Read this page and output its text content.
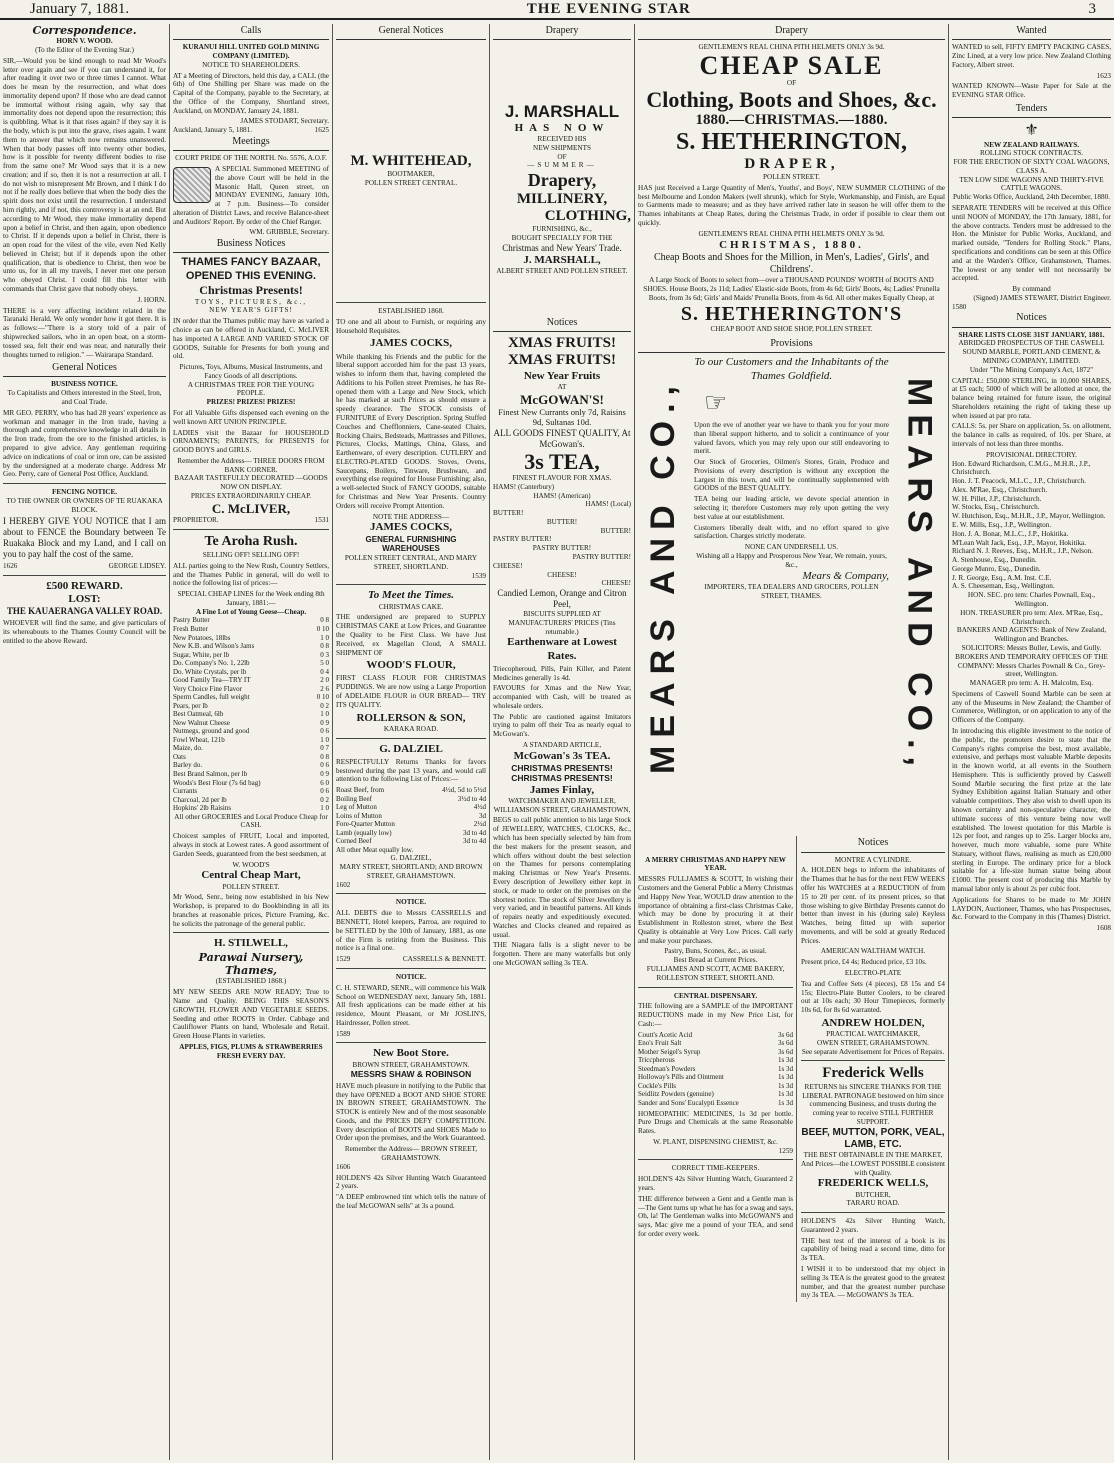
January 7, 1881.	THE EVENING STAR	3
Correspondence.
HORN V. WOOD.
(To the Editor of the Evening Star.)
SIR,—Would you be kind enough to read Mr Wood's letter over again and see if you can understand it, for after reading it over two or three times I cannot. What does he mean by the resurrection, and what does immortality depend upon? If those who are dead cannot be immortal without rising again, why say that immortality does not depend upon the resurrection; this is quibbling. What is it that rises again? if they say it is the body, which is put into the grave, rises again. I want them to answer that which now remains unanswered. When that body passes off into twenty other bodies, how is it possible for twenty different bodies to rise from the same one? Mr Wood says that it is a new creation; and if so, then it is not a resurrection at all. I do not wish to misrepresent Mr Brown, and I think I do not if he really does believe that when the body dies the spirit does not exist until the resurrection. I understand him rightly, and if not, this controversy is at an end. But according to Mr Wood, they make immortality depend upon a belief in Christ, and then again, upon obedience to Christ. If it depends upon a belief in Christ, there is an open road for the vilest of the vile, even Ned Kelly believed in Christ; but if it depends upon the other qualification, that is obedience to Christ, then woe be unto us, for in all my travels, I never met one person who obeyed Christ. I could fill this letter with commands that Christ gave that nobody obeys.
J. HORN.
THERE is a very affecting incident related in the Taranaki Herald. We only wonder how it got there. It is as follows:—"There is a story told of a pair of shipwrecked sailors, who in an open boat, on a storm-tossed sea, felt their end was near, and naturally their thoughts turned to religion." — Wairarapa Standard.
General Notices
BUSINESS NOTICE.
To Capitalists and Others interested in the Steel, Iron, and Coal Trade.
MR GEO. PERRY, who has had 28 years' experience as workman and manager in the Iron trade, having a thorough and comprehensive knowledge in all details in the Iron trade, from the ore to the finished articles, is prepared to give advice. Any gentleman requiring advice on indications of coal or iron ore, can be assisted by the undersigned at a moderate charge. Address Mr Geo. Perry, care of General Post Office, Auckland.
FENCING NOTICE.
TO THE OWNER OR OWNERS OF TE RUAKAKA BLOCK.
I HEREBY GIVE YOU NOTICE that I am about to FENCE the Boundary between Te Ruakaka Block and my Land, and I call on you to pay half the cost of the same.
1626	GEORGE LIDSEY.
£500 REWARD.
LOST:
THE KAUAERANGA VALLEY ROAD.
WHOEVER will find the same, and give particulars of its whereabouts to the Thames County Council will be entitled to the above Reward.
Calls
KURANUI HILL UNITED GOLD MINING COMPANY (LIMITED).
NOTICE TO SHAREHOLDERS.
AT a Meeting of Directors, held this day, a CALL (the 6th) of One Shilling per Share was made on the Capital of the Company, payable to the Secretary, at the Office of the Company, Shortland street, Auckland, on MONDAY, January 24, 1881.
JAMES STODART, Secretary.
Auckland, January 5, 1881.	1625
Meetings
COURT PRIDE OF THE NORTH. No. 5576, A.O.F.
A SPECIAL Summoned MEETING of the above Court will be held in the Masonic Hall, Queen street, on MONDAY EVENING, January 10th, at 7 p.m. Business—To consider alteration of District Laws, and receive Balance-sheet and Auditors' Report. By order of the Chief Ranger.
WM. GRIBBLE, Secretary.
Business Notices
THAMES FANCY BAZAAR, OPENED THIS EVENING.
Christmas Presents!
TOYS, PICTURES, &c.,
NEW YEAR'S GIFTS!
IN order that the Thames public may have as varied a choice as can be offered in Auckland, C. McLIVER has imported A LARGE AND VARIED STOCK OF GOODS, Suitable for Presents for both young and old.
Pictures, Toys, Albums, Musical Instruments, and Fancy Goods of all descriptions.
A CHRISTMAS TREE FOR THE YOUNG PEOPLE.
PRIZES! PRIZES! PRIZES!
For all Valuable Gifts dispensed each evening on the well known ART UNION PRINCIPLE.
LADIES visit the Bazaar for HOUSEHOLD ORNAMENTS; PARENTS, for PRESENTS for GOOD BOYS and GIRLS.
Remember the Address— THREE DOORS FROM BANK CORNER.
BAZAAR TASTEFULLY DECORATED —GOODS NOW ON DISPLAY.
PRICES EXTRAORDINARILY CHEAP.
C. McLIVER,
PROPRIETOR.	1531
Te Aroha Rush.
SELLING OFF! SELLING OFF!
ALL parties going to the New Rush, Country Settlers, and the Thames Public in general, will do well to notice the following list of prices:—
SPECIAL CHEAP LINES for the Week ending 8th January, 1881:—
A Fine Lot of Young Geese—Cheap.
Pastry Butter	0 8
Fresh Butter	0 10
New Potatoes, 18lbs	1 0
New K.B. and Wilson's Jams	0 8
Sugar, White, per lb	0 3
Do. Company's No. 1, 22lb	5 0
Do. White Crystals, per lb	0 4
Good Family Tea—TRY IT	2 0
Very Choice Fine Flavor	2 6
Sperm Candles, full weight	0 10
Pears, per lb	0 2
Best Oatmeal, 6lb	1 0
New Walnut Cheese	0 9
Nutmegs, ground and good	0 6
Fowl Wheat, 121b	1 0
Maize, do.	0 7
Oats	0 8
Barley do.	0 6
Best Brand Salmon, per lb	0 9
Woods's Best Flour (7s 6d bag)	6 0
Currants	0 6
Charcoal, 2d per lb	0 2
Hopkins' 2lb Raisins	1 0
All other GROCERIES and Local Produce Cheap for CASH.
Choicest samples of FRUIT, Local and imported, always in stock at Lowest rates. A good assortment of Garden Seeds, guaranteed from the best seedsmen, at
W. WOOD'S
Central Cheap Mart,
POLLEN STREET.
Mr Wood, Senr., being now established in his New Workshop, is prepared to do Bookbinding in all its branches at reasonable prices, Picture Framing, &c. he solicits the patronage of the general public.
H. STILWELL,
Parawai Nursery, Thames,
(ESTABLISHED 1868.)
MY NEW SEEDS ARE NOW READY; True to Name and Quality. BEING THIS SEASON'S GROWTH. FLOWER AND VEGETABLE SEEDS. Seeding and other ROOTS in Order. Cabbage and Cauliflower Plants on hand, Wholesale and Retail. Green House Plants in varieties.
APPLES, FIGS, PLUMS & STRAWBERRIES FRESH EVERY DAY.
General Notices
M. WHITEHEAD,
BOOTMAKER,
POLLEN STREET CENTRAL.
ESTABLISHED 1868.
TO one and all about to Furnish, or requiring any Household Requisites.
JAMES COCKS,
While thanking his Friends and the public for the liberal support accorded him for the past 13 years, wishes to inform them that, having completed the Additions to his Pollen street Premises, he has Re-opened them with a Large and New Stock, which he has marked at such Prices as should ensure a speedy clearance. The STOCK consists of FURNITURE of Every Description. Spring Stuffed Couches and Chefflonniers, Cane-seated Chairs, Rocking Chairs, Bedsteads, Mattrasses and Pillows, Pictures, Clocks, Mattings, China, Glass, and Earthenware, of every description. CUTLERY and ELECTRO-PLATED GOODS. Stoves, Ovens, Saucepans, Boilers, Tinware, Brushware, and everything else required for House Furnishing; also, a well-selected Stock of FANCY GOODS, suitable for Christmas and New Year Presents. Country Orders will receive Prompt Attention.
NOTE THE ADDRESS—
JAMES COCKS,
GENERAL FURNISHING WAREHOUSES
POLLEN STREET CENTRAL, AND MARY STREET, SHORTLAND.
1539
To Meet the Times.
CHRISTMAS CAKE.
THE undersigned are prepared to SUPPLY CHRISTMAS CAKE at Low Prices, and Guarantee the Quality to be First Class. We have Just Received, ex Magellan Cloud, A SMALL SHIPMENT OF
WOOD'S FLOUR,
FIRST CLASS FLOUR FOR CHRISTMAS PUDDINGS. We are now using a Large Proportion of ADELAIDE FLOUR in OUR BREAD— TRY ITS QUALITY.
ROLLERSON & SON,
KARAKA ROAD.
G. DALZIEL
RESPECTFULLY Returns Thanks for favors bestowed during the past 13 years, and would call attention to the following List of Prices:—
Roast Beef, from	4½d, 5d to 5½d
Boiling Beef	3½d to 4d
Leg of Mutton	4½d
Loins of Mutton	3d
Fore-Quarter Mutton	2½d
Lamb (equally low)	3d to 4d
Corned Beef	3d to 4d
All other Meat equally low.	
G. DALZIEL,
MARY STREET, SHORTLAND; AND BROWN STREET, GRAHAMSTOWN.
1602
NOTICE.
ALL DEBTS due to Messrs CASSRELLS and BENNETT, Hotel keepers, Parroa, are required to be SETTLED by the 10th of January, 1881, as one of the Firm is retiring from the Business. This notice is a final one.
1529	CASSRELLS & BENNETT.
NOTICE.
C. H. STEWARD, SENR., will commence his Walk School on WEDNESDAY next, January 5th, 1881. All fresh applications can be made either at his residence, Mount Pleasant, or Mr JOSLIN'S, Hairdresser, Pollen street.
1589
New Boot Store.
BROWN STREET, GRAHAMSTOWN.
MESSRS SHAW & ROBINSON
HAVE much pleasure in notifying to the Public that they have OPENED a BOOT AND SHOE STORE IN BROWN STREET, GRAHAMSTOWN. The STOCK is entirely New and of the most seasonable Goods, and the PRICES DEFY COMPETITION. Every description of BOOTS and SHOES Made to Order upon the premises, and the Work Guaranteed.
Remember the Address— BROWN STREET, GRAHAMSTOWN.
1606
HOLDEN'S 42s Silver Hunting Watch Guaranteed 2 years.
"A DEEP embrowned tint which tells the nature of the leaf McGOWAN sells" at 3s a pound.
Drapery
J. MARSHALL
HAS NOW
RECEIVED HIS
NEW SHIPMENTS
OF
—SUMMER—
Drapery,
MILLINERY,
CLOTHING,
FURNISHING, &c.,
BOUGHT SPECIALLY FOR THE
Christmas and New Years' Trade.
J. MARSHALL,
ALBERT STREET AND POLLEN STREET.
Notices
XMAS FRUITS!
XMAS FRUITS!
New Year Fruits
AT
McGOWAN'S!
Finest New Currants only 7d, Raisins 9d, Sultanas 10d.
ALL GOODS FINEST QUALITY, At McGowan's.
3s TEA,
FINEST FLAVOUR FOR XMAS.
HAMS! (Canterbury)
HAMS! (American)
HAMS! (Local)
BUTTER!
BUTTER!
BUTTER!
PASTRY BUTTER!
PASTRY BUTTER!
PASTRY BUTTER!
CHEESE!
CHEESE!
CHEESE!
Candied Lemon, Orange and Citron Peel,
BISCUITS SUPPLIED AT MANUFACTURERS' PRICES (Tins returnable.)
Earthenware at Lowest Rates.
Triecopheroud, Pills, Pain Killer, and Patent Medicines generally 1s 4d.
FAVOURS for Xmas and the New Year, accompanied with Cash, will be treated as wholesale orders.
The Public are cautioned against Imitators trying to palm off their Tea as nearly equal to McGowan's.
A STANDARD ARTICLE,
McGowan's 3s TEA.
CHRISTMAS PRESENTS! CHRISTMAS PRESENTS!
James Finlay,
WATCHMAKER AND JEWELLER,
WILLIAMSON STREET, GRAHAMSTOWN,
BEGS to call public attention to his large Stock of JEWELLERY, WATCHES, CLOCKS, &c., which has been specially selected by him from the best makers for the present season, and which offers without doubt the best selection on the Thames for persons contemplating making Christmas or New Year's Presents. Every description of Jewellery either kept in stock, or made to order on the premises on the shortest notice. The stock of Silver Jewellery is very varied, and in beautiful patterns. All kinds of repairs neatly and expeditiously executed. Watches and Clocks cleaned and repaired as usual.
THE Niagara falls is a slight never to be forgotten. There are many waterfalls but only one McGOWAN selling 3s TEA.
Drapery
GENTLEMEN'S REAL CHINA PITH HELMETS ONLY 3s 9d.
CHEAP SALE
OF
Clothing, Boots and Shoes, &c.
1880.—CHRISTMAS.—1880.
S. HETHERINGTON,
DRAPER,
POLLEN STREET.
HAS just Received a Large Quantity of Men's, Youths', and Boys', NEW SUMMER CLOTHING of the best Melbourne and London Makers (well shrunk), which for Style, Workmanship, and Finish, are Equal to Garments made to measure; and as they have arrived rather late in season he will offer them to the Thames inhabitants at Cheap Rates, during the Christmas Trade, in order if possible to clear them out quickly.
GENTLEMEN'S REAL CHINA PITH HELMETS ONLY 3s 9d.
CHRISTMAS, 1880.
Cheap Boots and Shoes for the Million, in Men's, Ladies', Girls', and Childrens'.
A Large Stock of Boots to select from—over a THOUSAND POUNDS' WORTH of BOOTS AND SHOES. House Boots, 2s 11d; Ladies' Elastic-side Boots, from 4s 6d; Girls' Boots, 4s; Ladies' Prunella Boots, from 3s 6d; Girls' and Maids' Prunella Boots, from 4s 6d. All other makes Equally Cheap, at
S. HETHERINGTON'S
CHEAP BOOT AND SHOE SHOP, POLLEN STREET.
Provisions
MEARS AND CO.,	MEARS AND CO.,
To our Customers and the Inhabitants of the Thames Goldfield.
☞
Upon the eve of another year we have to thank you for your more than liberal support hitherto, and to solicit a continuance of your valued favors, which you may rely upon our still endeavoring to merit.
Our Stock of Groceries, Oilmen's Stores, Grain, Produce and Provisions of every description is without any exception the Largest in this town, and will be continually supplemented with GOODS of the BEST QUALITY.
TEA being our leading article, we devote special attention in selecting it; therefore Customers may rely upon getting the very best value at our establishment.
Customers liberally dealt with, and no effort spared to give satisfaction. Charges strictly moderate.
NONE CAN UNDERSELL US.
Wishing all a Happy and Prosperous New Year, We remain, yours, &c.,
Mears & Company,
IMPORTERS, TEA DEALERS AND GROCERS, POLLEN STREET, THAMES.
A MERRY CHRISTMAS AND HAPPY NEW YEAR.
MESSRS FULLJAMES & SCOTT, In wishing their Customers and the General Public a Merry Christmas and Happy New Year, WOULD draw attention to the importance of obtaining a first-class Christmas Cake, which may be done by procuring it at their Establishment in Rolleston street, where the Best Quality is obtainable at Very Low Prices. Call early and make your purchases.
Pastry, Buns, Scones, &c., as usual.
Best Bread at Current Prices.
FULLJAMES AND SCOTT, ACME BAKERY, ROLLESTON STREET, SHORTLAND.
CENTRAL DISPENSARY.
THE following are a SAMPLE of the IMPORTANT REDUCTIONS made in my New Price List, for Cash:—
Coutt's Acetic Acid	3s 6d
Eno's Fruit Salt	3s 6d
Mother Seigel's Syrup	3s 6d
Triccpherous	1s 3d
Steedman's Powders	1s 3d
Holloway's Pills and Ointment	1s 3d
Cockle's Pills	1s 3d
Seidlitz Powders (genuine)	1s 3d
Sander and Sons' Eucalypti Essence	1s 3d
HOMEOPATHIC MEDICINES, 1s 3d per bottle. Pure Drugs and Chemicals at the same Reasonable Rates.
W. PLANT, DISPENSING CHEMIST, &c.
1259
CORRECT TIME-KEEPERS.
HOLDEN'S 42s Silver Hunting Watch, Guaranteed 2 years.
THE difference between a Gent and a Gentle man is—The Gent turns up what he has for a swag and says, Oh, la! The Gentleman walks into McGOWAN'S and says, Mac give me a pound of your TEA, and send for order every week.
Notices
MONTRE A CYLINDRE.
A. HOLDEN begs to inform the inhabitants of the Thames that he has for the next FEW WEEKS offer his WATCHES at a REDUCTION of from 15 to 20 per cent. of its present prices, so that those wishing to give Birthday Presents cannot do better than invest in his (during sale) Keyless Watches, being fitted up with superior movements, and will be sold at greatly Reduced Prices.
AMERICAN WALTHAM WATCH.
Present price, £4 4s; Reduced price, £3 10s.
ELECTRO-PLATE
Tea and Coffee Sets (4 pieces), £8 15s and £4 15s; Electro-Plate Butter Coolers, to be cleared out at 10s each; 30 Hour Timepieces, formerly 10s 6d, for 8s 6d warranted.
ANDREW HOLDEN,
PRACTICAL WATCHMAKER,
OWEN STREET, GRAHAMSTOWN.
See separate Advertisement for Prices of Repairs.
Frederick Wells
RETURNS his SINCERE THANKS FOR THE LIBERAL PATRONAGE bestowed on him since commencing Business, and trusts during the coming year to receive STILL FURTHER SUPPORT.
BEEF, MUTTON, PORK, VEAL, LAMB, ETC.
THE BEST OBTAINABLE IN THE MARKET, And Prices—the LOWEST POSSIBLE consistent with Quality.
FREDERICK WELLS,
BUTCHER,
TARARU ROAD.
HOLDEN'S 42s Silver Hunting Watch, Guaranteed 2 years.
THE best test of the interest of a book is its capability of being read a second time, ditto for 3s TEA.
I WISH it to be understood that my object in selling 3s TEA is the greatest good to the greatest number, and that the greatest number purchase my 3s TEA. — McGOWAN'S 3s TEA.
Wanted
WANTED to sell, FIFTY EMPTY PACKING CASES, Zinc Lined, at a very low price. New Zealand Clothing Factory, Albert street.
1623
WANTED KNOWN—Waste Paper for Sale at the EVENING STAR Office.
Tenders
⚜
NEW ZEALAND RAILWAYS.
ROLLING STOCK CONTRACTS.
FOR THE ERECTION OF SIXTY COAL WAGONS, CLASS A.
TEN LOW SIDE WAGONS AND THIRTY-FIVE CATTLE WAGONS.
Public Works Office, Auckland, 24th December, 1880.
SEPARATE TENDERS will be received at this Office until NOON of MONDAY, the 17th January, 1881, for the above contracts. Tenders must be addressed to the Hon. the Minister for Public Works, Auckland, and marked outside, "Tenders for Rolling Stock." Plans, specifications and conditions can be seen at this Office and at the Warden's Office, Grahamstown, Thames. The lowest or any tender will not necessarily be accepted.
By command
(Signed) JAMES STEWART, District Engineer.
1580
Notices
SHARE LISTS CLOSE 31ST JANUARY, 1881.
ABRIDGED PROSPECTUS OF THE CASWELL SOUND MARBLE, PORTLAND CEMENT, & MINING COMPANY, LIMITED.
Under "The Mining Company's Act, 1872"
CAPITAL: £50,000 STERLING, in 10,000 SHARES, at £5 each; 5000 of which will be allotted at once, the balance being retained for future issue, the original Shareholders retaining the right of taking these up when issued at par pro rata.
CALLS: 5s. per Share on application, 5s. on allotment, the balance in calls as required, of 10s. per Share, at intervals of not less than three months.
PROVISIONAL DIRECTORY.
Hon. Edward Richardson, C.M.G., M.H.R., J.P., Christchurch.
Hon. J. T. Peacock, M.L.C., J.P., Christchurch.
Alex. M'Rae, Esq., Christchurch.
W. H. Pillet, J.P., Christchurch.
W. Stocks, Esq., Christchurch.
W. Hutchison, Esq., M.H.R., J.P., Mayor, Wellington.
E. W. Mills, Esq., J.P., Wellington.
Hon. J. A. Bonar, M.L.C., J.P., Hokitika.
M'Lean Walt Jack, Esq., J.P., Mayor, Hokitika.
Richard N. J. Reeves, Esq., M.H.R., J.P., Nelson.
A. Stenhouse, Esq., Dunedin.
George Munro, Esq., Dunedin.
J. R. George, Esq., A.M. Inst. C.E.
A. S. Cheeseman, Esq., Wellington.
HON. SEC. pro tem: Charles Pownall, Esq., Wellington.
HON. TREASURER pro tem: Alex. M'Rae, Esq., Christchurch.
BANKERS AND AGENTS: Bank of New Zealand, Wellington and Branches.
SOLICITORS: Messrs Buller, Lewis, and Gully.
BROKERS AND TEMPORARY OFFICES OF THE COMPANY: Messrs Charles Pownall & Co., Grey-street, Wellington.
MANAGER pro tem: A. H. Malcolm, Esq.
Specimens of Caswell Sound Marble can be seen at any of the Museums in New Zealand; the Chamber of Commerce, Wellington, or on application to any of the Officers of the Company.
In introducing this eligible investment to the notice of the public, the promoters desire to state that the Company's rights comprise the best, most available, extensive, and perhaps most valuable Marble deposits in the known world, at all events in the Southern Hemisphere. This is sufficiently proved by Caswell Sound Marble securing the first prize at the late Sydney Exhibition against Italian Statuary and other valuable competitors. They also wish to dwell upon its known certainty and non-speculative character, the ultimate success of this venture being now well established. The lowest quotation for this Marble is 12s per foot, and ranges up to 25s. Larger blocks are, however, much more valuable, some pure White Statuary, without flaws, realising as much as £20,000 sterling in Europe. The ordinary price for a block suitable for a life-size human statue being about £1000. The present cost of producing this Marble by manual labor only is about 2s per cubic foot.
Applications for Shares to be made to Mr JOHN LAYDON, Auctioneer, Thames, who has Prospectuses, &c. Forward to the Company in this (Thames) District.
1608
